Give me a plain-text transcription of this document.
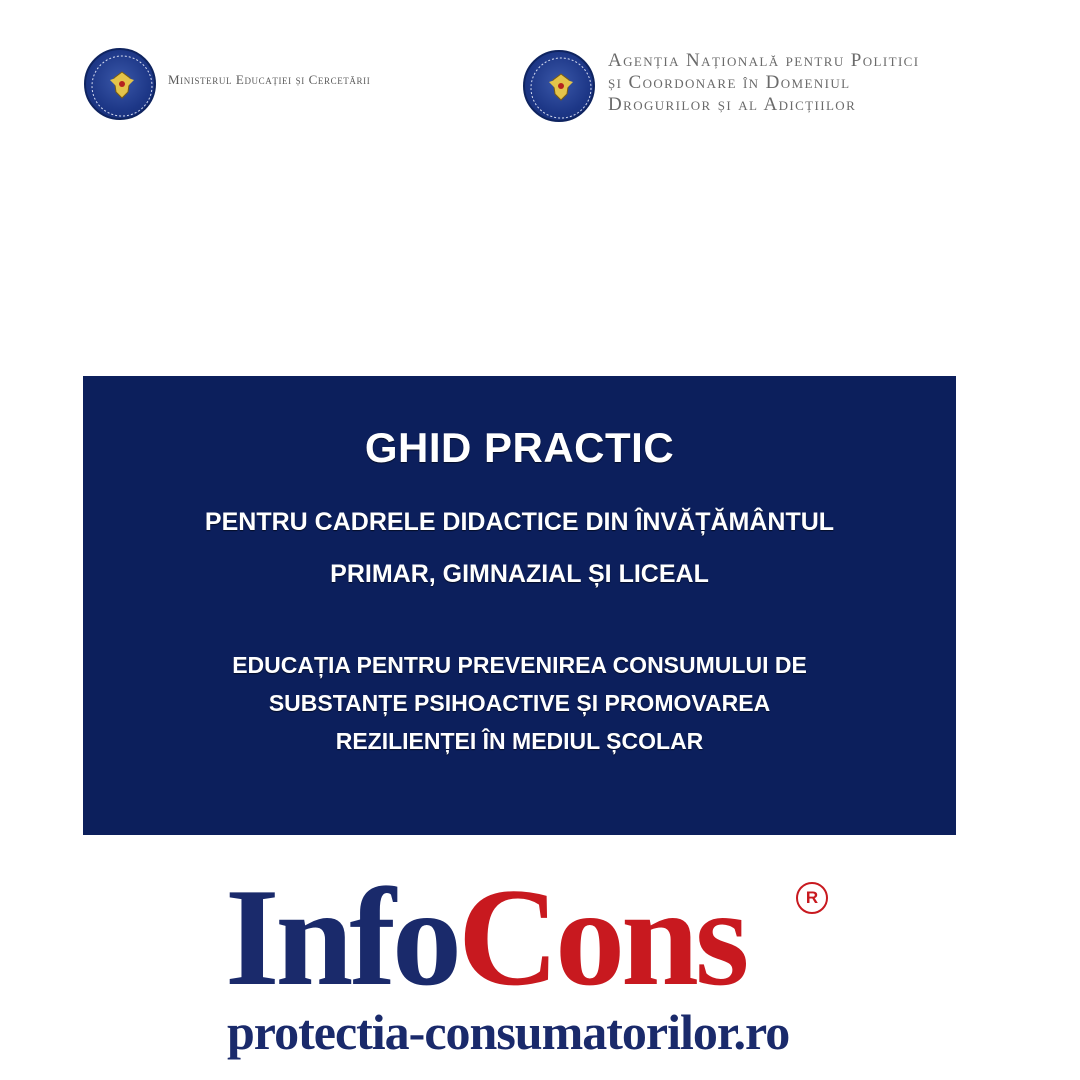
Ministerul Educației și Cercetării
Agenția Națională pentru Politici
și Coordonare în Domeniul
Drogurilor și al Adicțiilor
GHID PRACTIC
PENTRU CADRELE DIDACTICE DIN ÎNVĂȚĂMÂNTUL
PRIMAR, GIMNAZIAL ȘI LICEAL
EDUCAȚIA PENTRU PREVENIREA CONSUMULUI DE
SUBSTANȚE PSIHOACTIVE ȘI PROMOVAREA
REZILIENȚEI ÎN MEDIUL ȘCOLAR
InfoCons	R
protectia-consumatorilor.ro
